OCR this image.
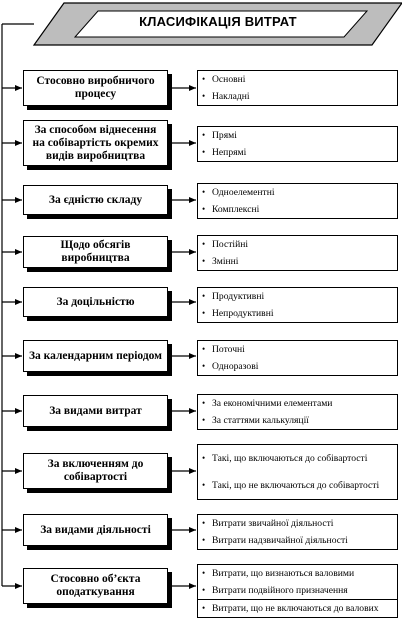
КЛАСИФІКАЦІЯ ВИТРАТ
Стосовно виробничого процесу
• Основні
• Накладні
За способом віднесення на собівартість окремих видів виробництва
• Прямі
• Непрямі
За єдністю складу
• Одноелементні
• Комплексні
Щодо обсягів виробництва
• Постійні
• Змінні
За доцільністю	• Продуктивні
• Непродуктивні
За календарним періодом	• Поточні
• Одноразові
За видами витрат
• За економічними елементами
• За статтями калькуляції
За включенням до собівартості
• Такі, що включаються до собівартості
• Такі, що не включаються до собівартості
За видами діяльності	• Витрати звичайної діяльності
• Витрати надзвичайної діяльності
Стосовно об’єкта оподаткування
• Витрати, що визнаються валовими
• Витрати подвійного призначення
• Витрати, що не включаються до валових
